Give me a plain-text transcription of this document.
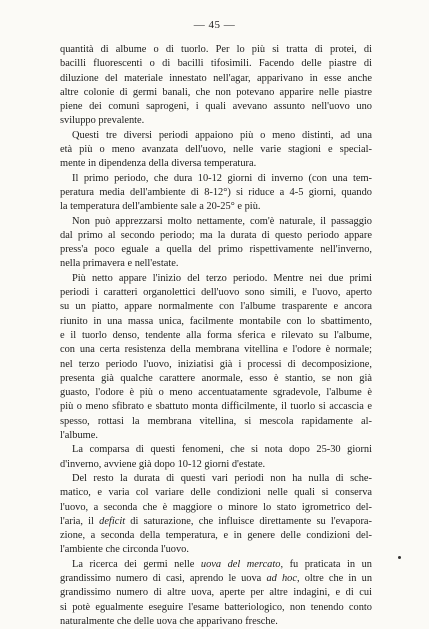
— 45 —
quantità di albume o di tuorlo. Per lo più si tratta di protei, di
bacilli fluorescenti o di bacilli tifosimili. Facendo delle piastre di
diluzione del materiale innestato nell'agar, apparivano in esse anche
altre colonie di germi banali, che non potevano apparire nelle piastre
piene dei comuni saprogeni, i quali avevano assunto nell'uovo uno
sviluppo prevalente.
Questi tre diversi periodi appaiono più o meno distinti, ad una
età più o meno avanzata dell'uovo, nelle varie stagioni e special-
mente in dipendenza della diversa temperatura.
Il primo periodo, che dura 10-12 giorni di inverno (con una tem-
peratura media dell'ambiente di 8-12°) si riduce a 4-5 giorni, quando
la temperatura dell'ambiente sale a 20-25° e più.
Non può apprezzarsi molto nettamente, com'è naturale, il passaggio
dal primo al secondo periodo; ma la durata di questo periodo appare
press'a poco eguale a quella del primo rispettivamente nell'inverno,
nella primavera e nell'estate.
Più netto appare l'inizio del terzo periodo. Mentre nei due primi
periodi i caratteri organolettici dell'uovo sono simili, e l'uovo, aperto
su un piatto, appare normalmente con l'albume trasparente e ancora
riunito in una massa unica, facilmente montabile con lo sbattimento,
e il tuorlo denso, tendente alla forma sferica e rilevato su l'albume,
con una certa resistenza della membrana vitellina e l'odore è normale;
nel terzo periodo l'uovo, iniziatisi già i processi di decomposizione,
presenta già qualche carattere anormale, esso è stantio, se non già
guasto, l'odore è più o meno accentuatamente sgradevole, l'albume è
più o meno sfibrato e sbattuto monta difficilmente, il tuorlo si accascia e
spesso, rottasi la membrana vitellina, si mescola rapidamente al-
l'albume.
La comparsa di questi fenomeni, che si nota dopo 25-30 giorni
d'inverno, avviene già dopo 10-12 giorni d'estate.
Del resto la durata di questi vari periodi non ha nulla di sche-
matico, e varia col variare delle condizioni nelle quali si conserva
l'uovo, a seconda che è maggiore o minore lo stato igrometrico del-
l'aria, il deficit di saturazione, che influisce direttamente su l'evapora-
zione, a seconda della temperatura, e in genere delle condizioni del-
l'ambiente che circonda l'uovo.
La ricerca dei germi nelle uova del mercato, fu praticata in un
grandissimo numero di casi, aprendo le uova ad hoc, oltre che in un
grandissimo numero di altre uova, aperte per altre indagini, e di cui
si potè egualmente eseguire l'esame batteriologico, non tenendo conto
naturalmente che delle uova che apparivano fresche.
